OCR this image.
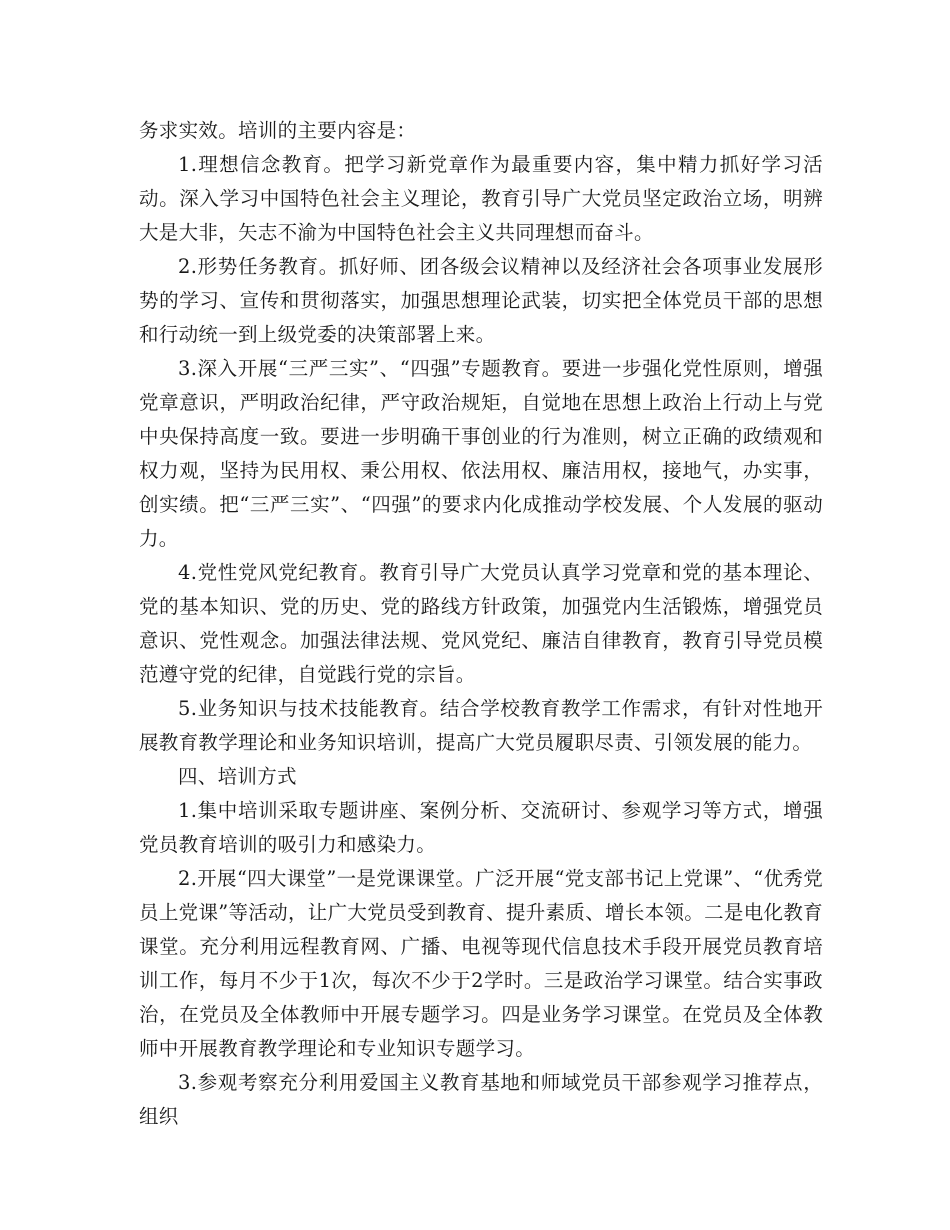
务求实效。培训的主要内容是：

1.理想信念教育。把学习新党章作为最重要内容，集中精力抓好学习活动。深入学习中国特色社会主义理论，教育引导广大党员坚定政治立场，明辨大是大非，矢志不渝为中国特色社会主义共同理想而奋斗。

2.形势任务教育。抓好师、团各级会议精神以及经济社会各项事业发展形势的学习、宣传和贯彻落实，加强思想理论武装，切实把全体党员干部的思想和行动统一到上级党委的决策部署上来。

3.深入开展“三严三实”、“四强”专题教育。要进一步强化党性原则，增强党章意识，严明政治纪律，严守政治规矩，自觉地在思想上政治上行动上与党中央保持高度一致。要进一步明确干事创业的行为准则，树立正确的政绩观和权力观，坚持为民用权、秉公用权、依法用权、廉洁用权，接地气，办实事，创实绩。把“三严三实”、“四强”的要求内化成推动学校发展、个人发展的驱动力。

4.党性党风党纪教育。教育引导广大党员认真学习党章和党的基本理论、党的基本知识、党的历史、党的路线方针政策，加强党内生活锻炼，增强党员意识、党性观念。加强法律法规、党风党纪、廉洁自律教育，教育引导党员模范遵守党的纪律，自觉践行党的宗旨。

5.业务知识与技术技能教育。结合学校教育教学工作需求，有针对性地开展教育教学理论和业务知识培训，提高广大党员履职尽责、引领发展的能力。

四、培训方式

1.集中培训采取专题讲座、案例分析、交流研讨、参观学习等方式，增强党员教育培训的吸引力和感染力。

2.开展“四大课堂”一是党课课堂。广泛开展“党支部书记上党课”、“优秀党员上党课”等活动，让广大党员受到教育、提升素质、增长本领。二是电化教育课堂。充分利用远程教育网、广播、电视等现代信息技术手段开展党员教育培训工作，每月不少于1次，每次不少于2学时。三是政治学习课堂。结合实事政治，在党员及全体教师中开展专题学习。四是业务学习课堂。在党员及全体教师中开展教育教学理论和专业知识专题学习。

3.参观考察充分利用爱国主义教育基地和师域党员干部参观学习推荐点，组织
